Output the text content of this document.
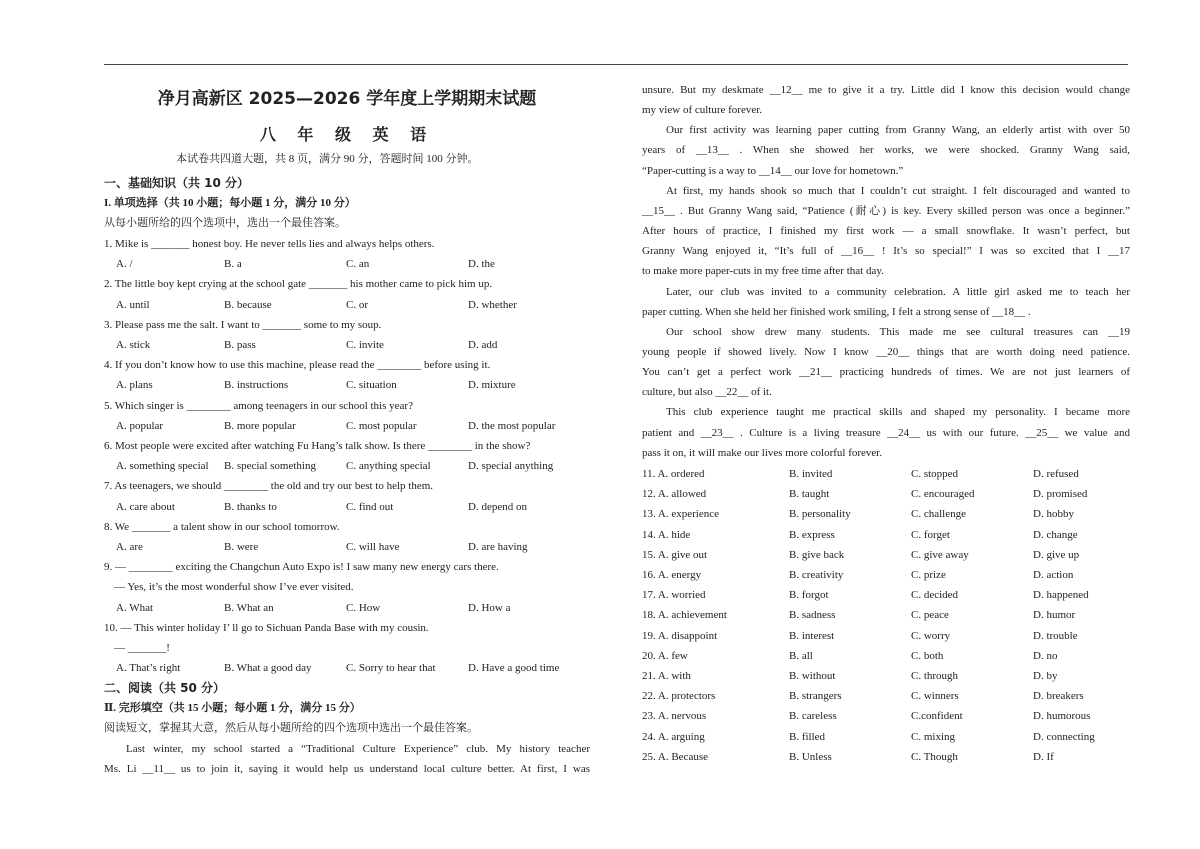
净月高新区 2025—2026 学年度上学期期末试题
八 年 级 英 语
本试卷共四道大题，共 8 页，满分 90 分，答题时间 100 分钟。
一、基础知识（共 10 分）
I. 单项选择（共 10 小题；每小题 1 分，满分 10 分）
从每小题所给的四个选项中，选出一个最佳答案。
1. Mike is _______ honest boy. He never tells lies and always helps others.
A. /	B. a	C. an	D. the
2. The little boy kept crying at the school gate _______ his mother came to pick him up.
A. until	B. because	C. or	D. whether
3. Please pass me the salt. I want to _______ some to my soup.
A. stick	B. pass	C. invite	D. add
4. If you don’t know how to use this machine, please read the ________ before using it.
A. plans	B. instructions	C. situation	D. mixture
5. Which singer is ________ among teenagers in our school this year?
A. popular	B. more popular	C. most popular	D. the most popular
6. Most people were excited after watching Fu Hang’s talk show. Is there ________ in the show?
A. something special B. special something	C. anything special	D. special anything
7. As teenagers, we should ________ the old and try our best to help them.
A. care about	B. thanks to	C. find out	D. depend on
8. We _______ a talent show in our school tomorrow.
A. are	B. were	C. will have	D. are having
9. — ________ exciting the Changchun Auto Expo is! I saw many new energy cars there.
— Yes, it’s the most wonderful show I’ve ever visited.
A. What	B. What an	C. How	D. How a
10. — This winter holiday I’ ll go to Sichuan Panda Base with my cousin.
— _______!
A. That’s right	B. What a good day	C. Sorry to hear that	D. Have a good time
二、阅读（共 50 分）
Ⅱ. 完形填空（共 15 小题；每小题 1 分，满分 15 分）
阅读短文，掌握其大意，然后从每小题所给的四个选项中选出一个最佳答案。
Last winter, my school started a “Traditional Culture Experience” club. My history teacher
Ms. Li __11__ us to join it, saying it would help us understand local culture better. At first, I was
unsure. But my deskmate __12__ me to give it a try. Little did I know this decision would change
my view of culture forever.
Our first activity was learning paper cutting from Granny Wang, an elderly artist with over 50
years of __13__ . When she showed her works, we were shocked. Granny Wang said,
“Paper-cutting is a way to __14__ our love for hometown.”
At first, my hands shook so much that I couldn’t cut straight. I felt discouraged and wanted to
__15__ . But Granny Wang said, “Patience (耐心) is key. Every skilled person was once a beginner.”
After hours of practice, I finished my first work — a small snowflake. It wasn’t perfect, but
Granny Wang enjoyed it, “It’s full of __16__ ! It’s so special!” I was so excited that I __17
to make more paper-cuts in my free time after that day.
Later, our club was invited to a community celebration. A little girl asked me to teach her
paper cutting. When she held her finished work smiling, I felt a strong sense of __18__ .
Our school show drew many students. This made me see cultural treasures can __19
young people if showed lively. Now I know __20__ things that are worth doing need patience.
You can’t get a perfect work __21__ practicing hundreds of times. We are not just learners of
culture, but also __22__ of it.
This club experience taught me practical skills and shaped my personality. I became more
patient and __23__ . Culture is a living treasure __24__ us with our future. __25__ we value and
pass it on, it will make our lives more colorful forever.
11. A. ordered	B. invited	C. stopped	D. refused
12. A. allowed	B. taught	C. encouraged	D. promised
13. A. experience	B. personality	C. challenge	D. hobby
14. A. hide	B. express	C. forget	D. change
15. A. give out	B. give back	C. give away	D. give up
16. A. energy	B. creativity	C. prize	D. action
17. A. worried	B. forgot	C. decided	D. happened
18. A. achievement	B. sadness	C. peace	D. humor
19. A. disappoint	B. interest	C. worry	D. trouble
20. A. few	B. all	C. both	D. no
21. A. with	B. without	C. through	D. by
22. A. protectors	B. strangers	C. winners	D. breakers
23. A. nervous	B. careless	C.confident	D. humorous
24. A. arguing	B. filled	C. mixing	D. connecting
25. A. Because	B. Unless	C. Though	D. If
